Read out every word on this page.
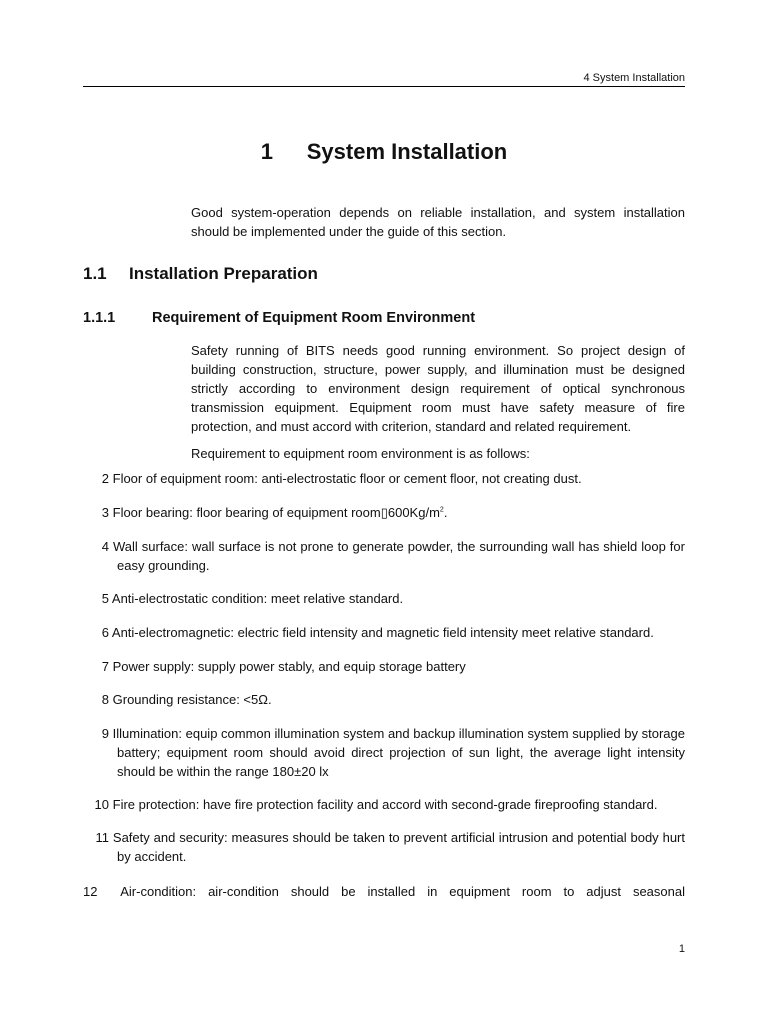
4 System Installation
1 System Installation

Good system-operation depends on reliable installation, and system installation should be implemented under the guide of this section.

1.1 Installation Preparation
1.1.1	Requirement of Equipment Room Environment

Safety running of BITS needs good running environment. So project design of building construction, structure, power supply, and illumination must be designed strictly according to environment design requirement of optical synchronous transmission equipment. Equipment room must have safety measure of fire protection, and must accord with criterion, standard and related requirement.

Requirement to equipment room environment is as follows:

2 Floor of equipment room: anti-electrostatic floor or cement floor, not creating dust.
3 Floor bearing: floor bearing of equipment $room▯600Kg/m^2$.
4 Wall surface: wall surface is not prone to generate powder, the surrounding wall has shield loop for easy grounding.
5 Anti-electrostatic condition: meet relative standard.
6 Anti-electromagnetic: electric field intensity and magnetic field intensity meet relative standard.
7 Power supply: supply power stably, and equip storage battery
8 Grounding resistance: <5Ω.
9 Illumination: equip common illumination system and backup illumination system supplied by storage battery; equipment room should avoid direct projection of sun light, the average light intensity should be within the range 180±20 lx
10 Fire protection: have fire protection facility and accord with second-grade fireproofing standard.
11 Safety and security: measures should be taken to prevent artificial intrusion and potential body hurt by accident.
12 Air-condition: air-condition should be installed in equipment room to adjust seasonal
1
